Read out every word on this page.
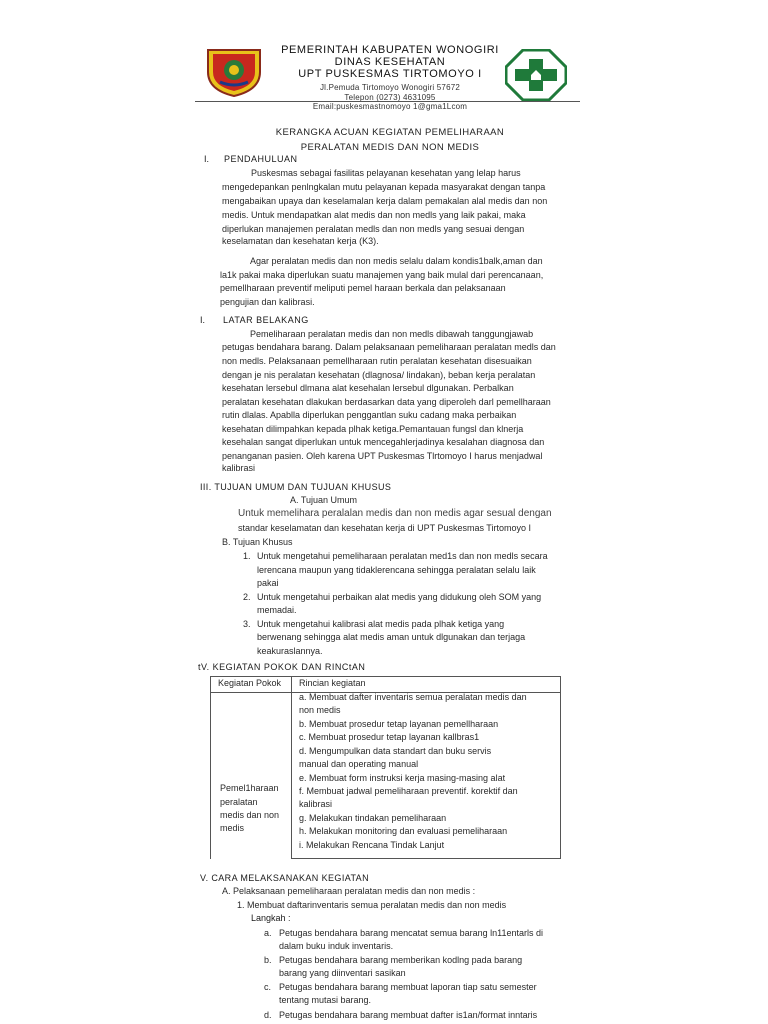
PEMERINTAH KABUPATEN WONOGIRI
DINAS KESEHATAN
UPT PUSKESMAS TIRTOMOYO I
Jl.Pemuda Tirtomoyo Wonogiri 57672
Telepon (0273) 4631095
Email:puskesmastnomoyo 1@gma1Lcom
KERANGKA ACUAN KEGIATAN PEMELIHARAAN
PERALATAN MEDIS DAN NON MEDIS
I. PENDAHULUAN
Puskesmas sebagai fasilitas pelayanan kesehatan yang lelap harus
mengedepankan penlngkalan mutu pelayanan kepada masyarakat dengan tanpa
mengabaikan upaya dan keselamalan kerja dalam pemakalan alal medis dan non
medis. Untuk mendapatkan alat medis dan non medls yang laik pakai, maka
diperlukan manajemen peralatan medls dan non medls yang sesuai dengan
keselamatan dan kesehatan kerja (K3).
Agar peralatan medis dan non medis selalu dalam kondis1balk,aman dan
la1k pakai maka diperlukan suatu manajemen yang baik mulal dari perencanaan,
pemellharaan preventif meliputi pemel haraan berkala dan pelaksanaan
pengujian dan kalibrasi.
I. LATAR BELAKANG
Pemeliharaan peralatan medis dan non medls dibawah tanggungjawab
petugas bendahara barang. Dalam pelaksanaan pemeliharaan peralatan medls dan
non medls. Pelaksanaan pemellharaan rutin peralatan kesehatan disesuaikan
dengan je nis peralatan kesehatan (dlagnosa/ lindakan), beban kerja peralatan
kesehatan lersebul dlmana alat kesehalan lersebul dlgunakan. Perbalkan
peralatan kesehatan dlakukan berdasarkan data yang diperoleh darl pemellharaan
rutin dlalas. Apablla diperlukan penggantlan suku cadang maka perbaikan
kesehatan dilimpahkan kepada plhak ketiga.Pemantauan fungsl dan klnerja
kesehalan sangat diperlukan untuk mencegahlerjadinya kesalahan diagnosa dan
penanganan pasien. Oleh karena UPT Puskesmas Tlrtomoyo I harus menjadwal
kalibrasi
III. TUJUAN UMUM DAN TUJUAN KHUSUS
A. Tujuan Umum
Untuk memelihara peralalan medis dan non medis agar sesual dengan
standar keselamatan dan kesehatan kerja di UPT Puskesmas Tirtomoyo I
B. Tujuan Khusus
1. Untuk mengetahui pemeliharaan peralatan med1s dan non medls secara
lerencana maupun yang tidaklerencana sehingga peralatan selalu laik
pakai
2. Untuk mengetahui perbaikan alat medis yang didukung oleh SOM yang
memadai.
3. Untuk mengetahui kalibrasi alat medis pada plhak ketiga yang
berwenang sehingga alat medis aman untuk dlgunakan dan terjaga
keakuraslannya.
tV. KEGIATAN POKOK DAN RINCtAN
Kegiatan Pokok Rincian kegiatan
Pemel1haraan
peralatan
medis dan non
medis
a. Membuat dafter inventaris semua peralatan medis dan
non medis
b. Membuat prosedur tetap layanan pemellharaan
c. Membuat prosedur tetap layanan kallbras1
d. Mengumpulkan data standart dan buku servis
manual dan operating manual
e. Membuat form instruksi kerja masing-masing alat
f. Membuat jadwal pemeliharaan preventif. korektif dan
kalibrasi
g. Melakukan tindakan pemeliharaan
h. Melakukan monitoring dan evaluasi pemeliharaan
i. Melakukan Rencana Tindak Lanjut
V. CARA MELAKSANAKAN KEGIATAN
A. Pelaksanaan pemeliharaan peralatan medis dan non medis :
1. Membuat daftarinventaris semua peralatan medis dan non medis
Langkah :
a. Petugas bendahara barang mencatat semua barang ln11entarls di
dalam buku induk inventaris.
b. Petugas bendahara barang memberikan kodlng pada barang
barang yang diinventari sasikan
c. Petugas bendahara barang membuat laporan tiap satu semester
tentang mutasi barang.
d. Petugas bendahara barang membuat dafter is1an/format inntaris
